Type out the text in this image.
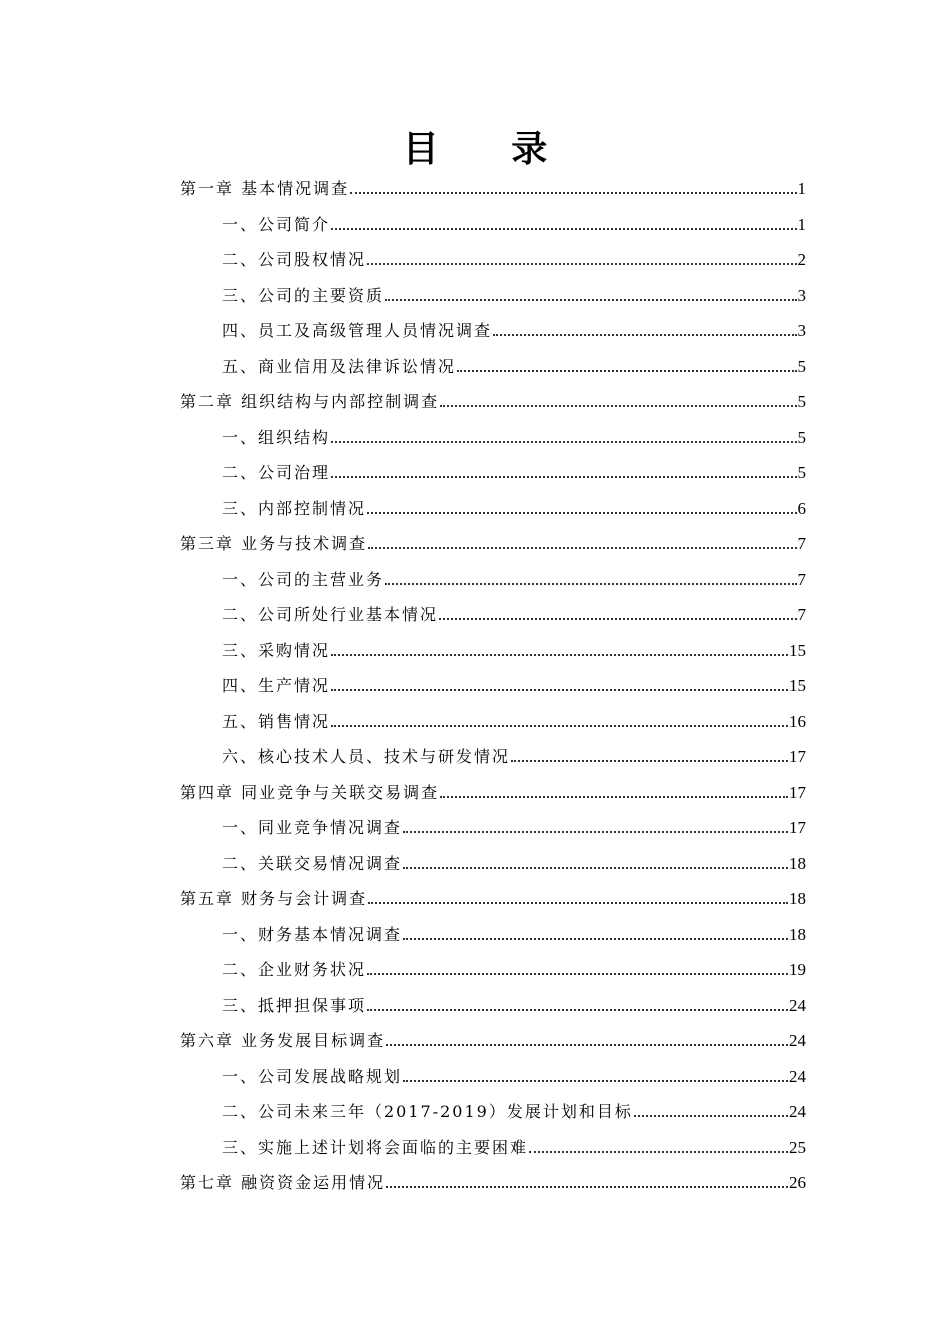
目 录
第一章 基本情况调查	1
一、公司简介	1
二、公司股权情况	2
三、公司的主要资质	3
四、员工及高级管理人员情况调查	3
五、商业信用及法律诉讼情况	5
第二章 组织结构与内部控制调查	5
一、组织结构	5
二、公司治理	5
三、内部控制情况	6
第三章 业务与技术调查	7
一、公司的主营业务	7
二、公司所处行业基本情况	7
三、采购情况	15
四、生产情况	15
五、销售情况	16
六、核心技术人员、技术与研发情况	17
第四章 同业竞争与关联交易调查	17
一、同业竞争情况调查	17
二、关联交易情况调查	18
第五章 财务与会计调查	18
一、财务基本情况调查	18
二、企业财务状况	19
三、抵押担保事项	24
第六章 业务发展目标调查	24
一、公司发展战略规划	24
二、公司未来三年（2017-2019）发展计划和目标	24
三、实施上述计划将会面临的主要困难	25
第七章 融资资金运用情况	26
